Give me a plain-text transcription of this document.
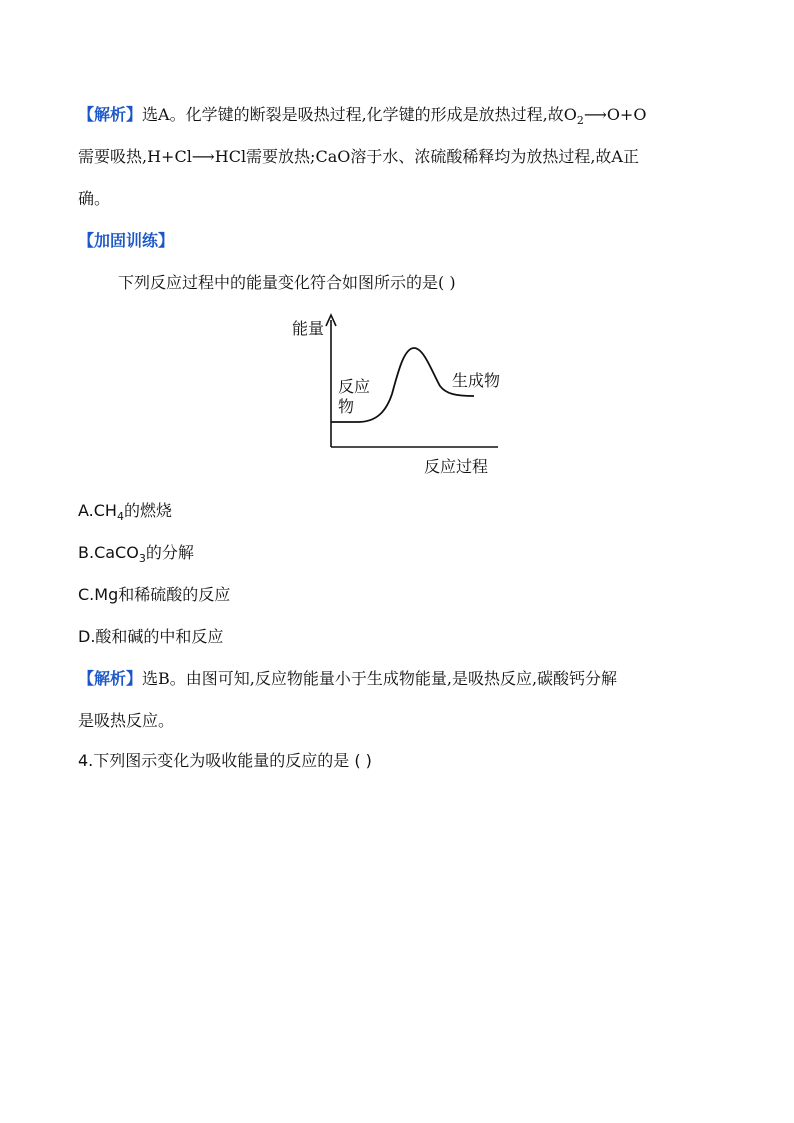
【解析】选A。化学键的断裂是吸热过程,化学键的形成是放热过程,故$O_2⟶O+O$
需要吸热,H+Cl⟶HCl需要放热;CaO溶于水、浓硫酸稀释均为放热过程,故A正
确。
【加固训练】
下列反应过程中的能量变化符合如图所示的是( )
能量
反应
物
生成物
反应过程
$A.CH_4$的燃烧
B.CaCO$_3$的分解
C.Mg和稀硫酸的反应
D.酸和碱的中和反应
【解析】选B。由图可知,反应物能量小于生成物能量,是吸热反应,碳酸钙分解
是吸热反应。
4.下列图示变化为吸收能量的反应的是 ( )
